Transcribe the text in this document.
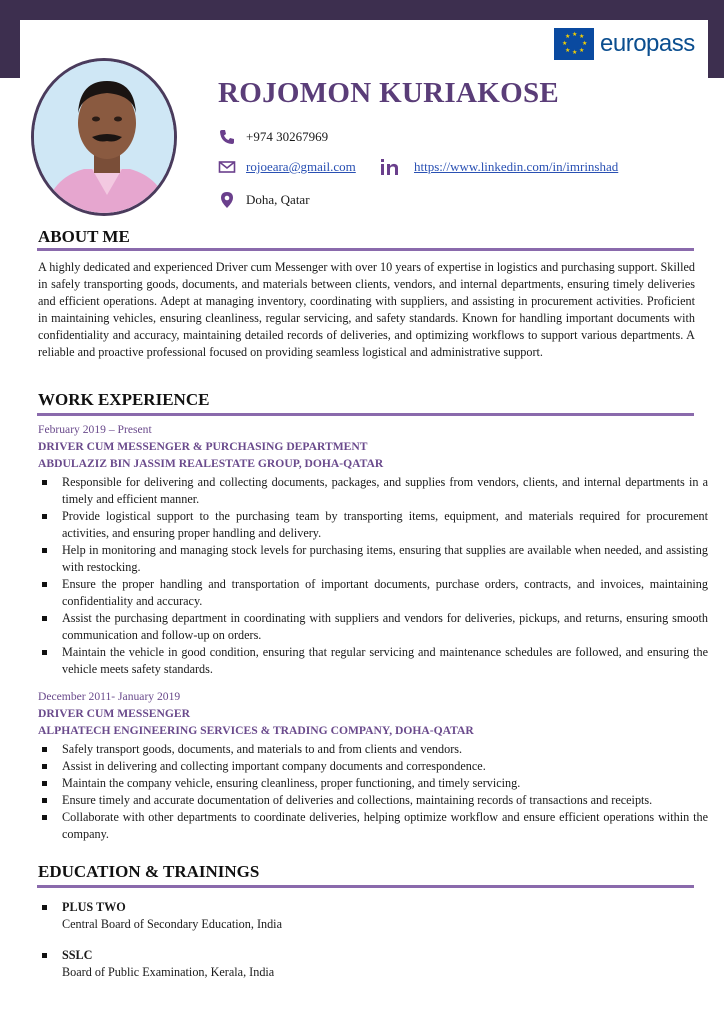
★ ★
★
★
★
★
★
★ europass
ROJOMON KURIAKOSE
+974 30267969
rojoeara@gmail.com	https://www.linkedin.com/in/imrinshad
Doha, Qatar
ABOUT ME
A highly dedicated and experienced Driver cum Messenger with over 10 years of expertise in logistics and purchasing support. Skilled in safely transporting goods, documents, and materials between clients, vendors, and internal departments, ensuring timely deliveries and efficient operations. Adept at managing inventory, coordinating with suppliers, and assisting in procurement activities. Proficient in maintaining vehicles, ensuring cleanliness, regular servicing, and safety standards. Known for handling important documents with confidentiality and accuracy, maintaining detailed records of deliveries, and optimizing workflows to support various departments. A reliable and proactive professional focused on providing seamless logistical and administrative support.
WORK EXPERIENCE
February 2019 – Present
DRIVER CUM MESSENGER & PURCHASING DEPARTMENT
ABDULAZIZ BIN JASSIM REALESTATE GROUP, DOHA-QATAR
Responsible for delivering and collecting documents, packages, and supplies from vendors, clients, and internal departments in a timely and efficient manner.
Provide logistical support to the purchasing team by transporting items, equipment, and materials required for procurement activities, and ensuring proper handling and delivery.
Help in monitoring and managing stock levels for purchasing items, ensuring that supplies are available when needed, and assisting with restocking.
Ensure the proper handling and transportation of important documents, purchase orders, contracts, and invoices, maintaining confidentiality and accuracy.
Assist the purchasing department in coordinating with suppliers and vendors for deliveries, pickups, and returns, ensuring smooth communication and follow-up on orders.
Maintain the vehicle in good condition, ensuring that regular servicing and maintenance schedules are followed, and ensuring the vehicle meets safety standards.
December 2011- January 2019
DRIVER CUM MESSENGER
ALPHATECH ENGINEERING SERVICES & TRADING COMPANY, DOHA-QATAR
Safely transport goods, documents, and materials to and from clients and vendors.
Assist in delivering and collecting important company documents and correspondence.
Maintain the company vehicle, ensuring cleanliness, proper functioning, and timely servicing.
Ensure timely and accurate documentation of deliveries and collections, maintaining records of transactions and receipts.
Collaborate with other departments to coordinate deliveries, helping optimize workflow and ensure efficient operations within the company.
EDUCATION & TRAININGS
PLUS TWO
Central Board of Secondary Education, India
SSLC
Board of Public Examination, Kerala, India
